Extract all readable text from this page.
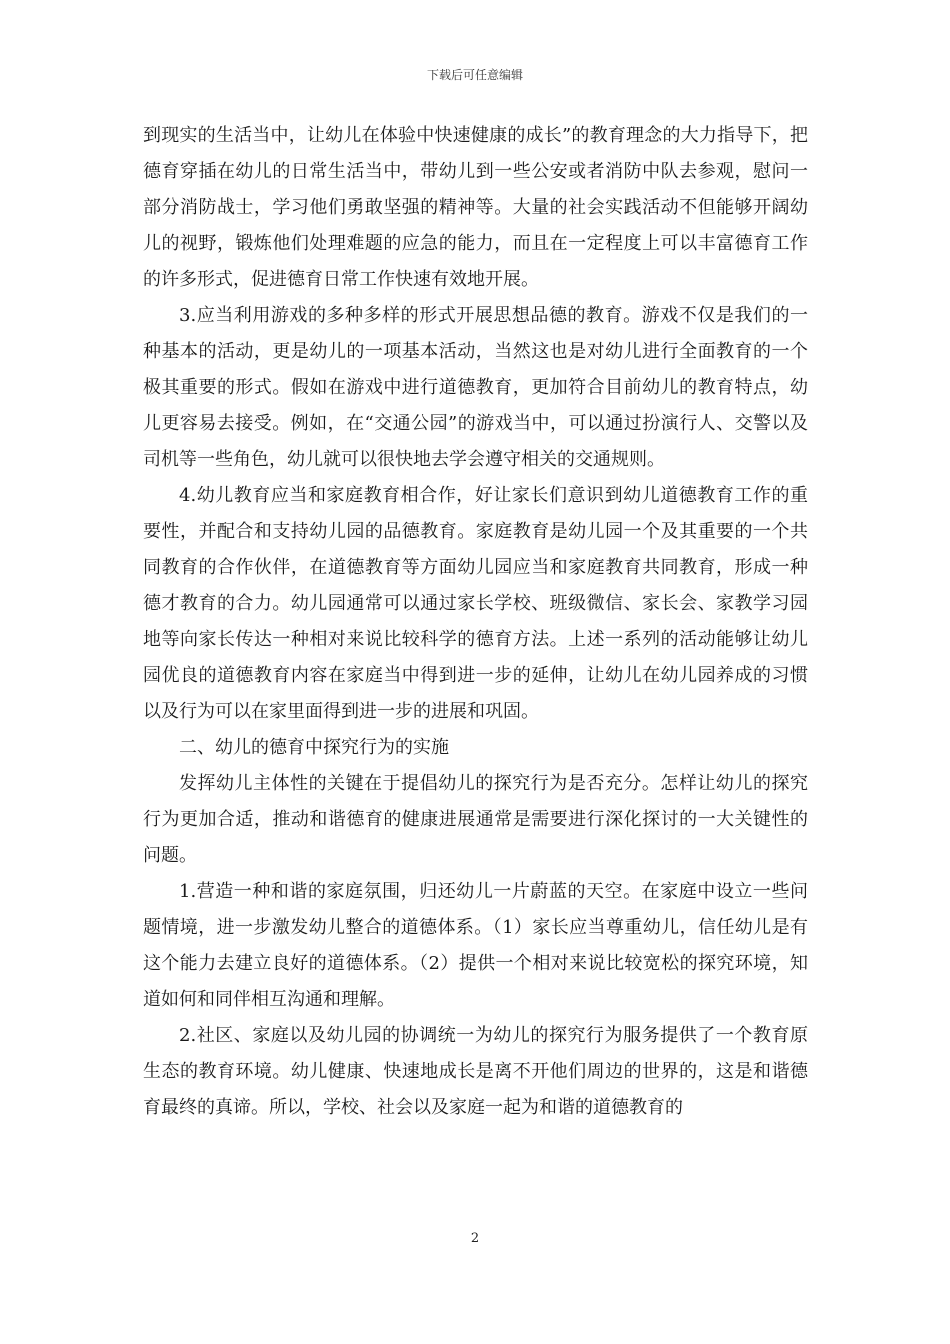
下载后可任意编辑

到现实的生活当中，让幼儿在体验中快速健康的成长”的教育理念的大力指导下，把德育穿插在幼儿的日常生活当中，带幼儿到一些公安或者消防中队去参观，慰问一部分消防战士，学习他们勇敢坚强的精神等。大量的社会实践活动不但能够开阔幼儿的视野，锻炼他们处理难题的应急的能力，而且在一定程度上可以丰富德育工作的许多形式，促进德育日常工作快速有效地开展。

3.应当利用游戏的多种多样的形式开展思想品德的教育。游戏不仅是我们的一种基本的活动，更是幼儿的一项基本活动，当然这也是对幼儿进行全面教育的一个极其重要的形式。假如在游戏中进行道德教育，更加符合目前幼儿的教育特点，幼儿更容易去接受。例如，在“交通公园”的游戏当中，可以通过扮演行人、交警以及司机等一些角色，幼儿就可以很快地去学会遵守相关的交通规则。

4.幼儿教育应当和家庭教育相合作，好让家长们意识到幼儿道德教育工作的重要性，并配合和支持幼儿园的品德教育。家庭教育是幼儿园一个及其重要的一个共同教育的合作伙伴，在道德教育等方面幼儿园应当和家庭教育共同教育，形成一种德才教育的合力。幼儿园通常可以通过家长学校、班级微信、家长会、家教学习园地等向家长传达一种相对来说比较科学的德育方法。上述一系列的活动能够让幼儿园优良的道德教育内容在家庭当中得到进一步的延伸，让幼儿在幼儿园养成的习惯以及行为可以在家里面得到进一步的进展和巩固。

二、幼儿的德育中探究行为的实施

发挥幼儿主体性的关键在于提倡幼儿的探究行为是否充分。怎样让幼儿的探究行为更加合适，推动和谐德育的健康进展通常是需要进行深化探讨的一大关键性的问题。

1.营造一种和谐的家庭氛围，归还幼儿一片蔚蓝的天空。在家庭中设立一些问题情境，进一步激发幼儿整合的道德体系。（1）家长应当尊重幼儿，信任幼儿是有这个能力去建立良好的道德体系。（2）提供一个相对来说比较宽松的探究环境，知道如何和同伴相互沟通和理解。

2.社区、家庭以及幼儿园的协调统一为幼儿的探究行为服务提供了一个教育原生态的教育环境。幼儿健康、快速地成长是离不开他们周边的世界的，这是和谐德育最终的真谛。所以，学校、社会以及家庭一起为和谐的道德教育的

2
